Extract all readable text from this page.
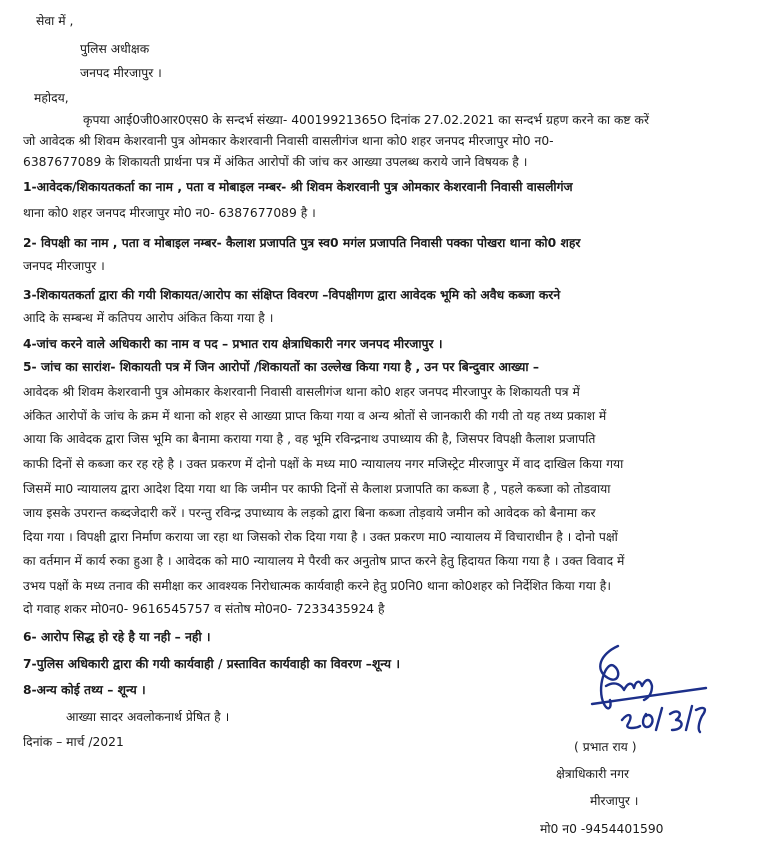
सेवा में ,
पुलिस अधीक्षक
जनपद मीरजापुर ।
महोदय,
कृपया आई0जी0आर0एस0 के सन्दर्भ संख्या- 40019921365O दिनांक 27.02.2021 का सन्दर्भ ग्रहण करने का कष्ट करें
जो आवेदक श्री शिवम केशरवानी पुत्र ओमकार केशरवानी निवासी वासलीगंज थाना को0 शहर जनपद मीरजापुर मो0 न0-
6387677089 के शिकायती प्रार्थना पत्र में अंकित आरोपों की जांच कर आख्या उपलब्ध कराये जाने विषयक है ।
1-आवेदक/शिकायतकर्ता का नाम , पता व मोबाइल नम्बर- श्री शिवम केशरवानी पुत्र ओमकार केशरवानी निवासी वासलीगंज
थाना को0 शहर जनपद मीरजापुर मो0 न0- 6387677089 है ।
2- विपक्षी का नाम , पता व मोबाइल नम्बर- कैलाश प्रजापति पुत्र स्व0 मगंल प्रजापति निवासी पक्का पोखरा थाना को0 शहर
जनपद मीरजापुर ।
3-शिकायतकर्ता द्वारा की गयी शिकायत/आरोप का संक्षिप्त विवरण –विपक्षीगण द्वारा आवेदक भूमि को अवैध कब्जा करने
आदि के सम्बन्ध में कतिपय आरोप अंकित किया गया है ।
4-जांच करने वाले अधिकारी का नाम व पद – प्रभात राय क्षेत्राधिकारी नगर जनपद मीरजापुर ।
5- जांच का सारांश- शिकायती पत्र में जिन आरोपों /शिकायतों का उल्लेख किया गया है , उन पर बिन्दुवार आख्या –
आवेदक श्री शिवम केशरवानी पुत्र ओमकार केशरवानी निवासी वासलीगंज थाना को0 शहर जनपद मीरजापुर के शिकायती पत्र में
अंकित आरोपों के जांच के क्रम में थाना को शहर से आख्या प्राप्त किया गया व अन्य श्रोतों से जानकारी की गयी तो यह तथ्य प्रकाश में
आया कि आवेदक द्वारा जिस भूमि का बैनामा कराया गया है , वह भूमि रविन्द्रनाथ उपाध्याय की है, जिसपर विपक्षी कैलाश प्रजापति
काफी दिनों से कब्जा कर रह रहे है । उक्त प्रकरण में दोनो पक्षों के मध्य मा0 न्यायालय नगर मजिस्ट्रेट मीरजापुर में वाद दाखिल किया गया
जिसमें मा0 न्यायालय द्वारा आदेश दिया गया था कि जमीन पर काफी दिनों से कैलाश प्रजापति का कब्जा है , पहले कब्जा को तोडवाया
जाय इसके उपरान्त कब्दजेदारी करें । परन्तु रविन्द्र उपाध्याय के लड़को द्वारा बिना कब्जा तोड़वाये जमीन को आवेदक को बैनामा कर
दिया गया । विपक्षी द्वारा निर्माण कराया जा रहा था जिसको रोक दिया गया है । उक्त प्रकरण मा0 न्यायालय में विचाराधीन है । दोनो पक्षों
का वर्तमान में कार्य रुका हुआ है । आवेदक को मा0 न्यायालय मे पैरवी कर अनुतोष प्राप्त करने हेतु हिदायत किया गया है । उक्त विवाद में
उभय पक्षों के मध्य तनाव की समीक्षा कर आवश्यक निरोधात्मक कार्यवाही करने हेतु प्र0नि0 थाना को0शहर को निर्देशित किया गया है।
दो गवाह शकर मो0न0- 9616545757 व संतोष मो0न0- 7233435924 है
6- आरोप सिद्ध हो रहे है या नही – नही ।
7-पुलिस अधिकारी द्वारा की गयी कार्यवाही / प्रस्तावित कार्यवाही का विवरण –शून्य ।
8-अन्य कोई तथ्य – शून्य ।
आख्या सादर अवलोकनार्थ प्रेषित है ।
दिनांक – मार्च /2021	( प्रभात राय )
क्षेत्राधिकारी नगर
मीरजापुर ।
मो0 न0 -9454401590
